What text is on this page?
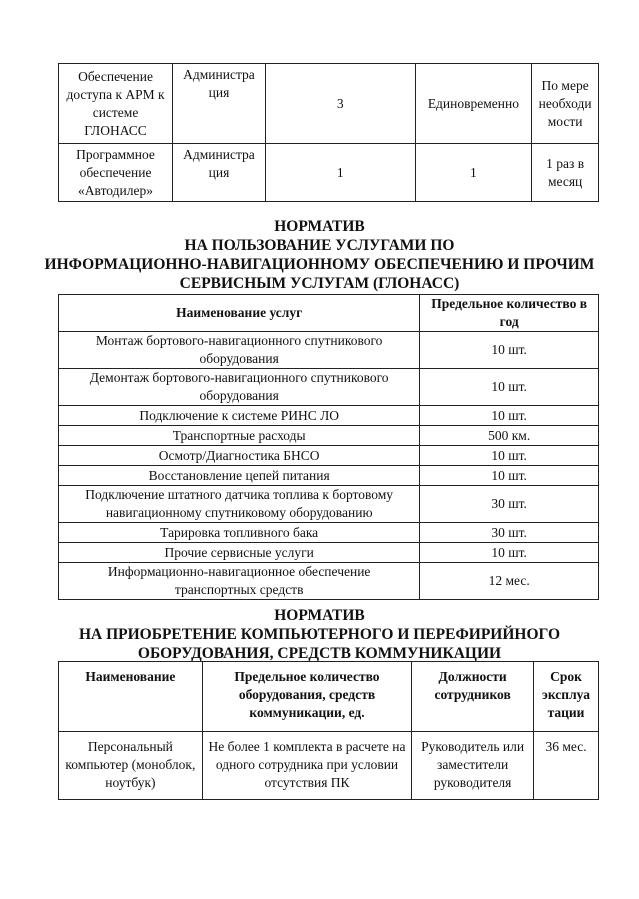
Обеспечение доступа к АРМ к системе ГЛОНАСС	Администра ция	3	Единовременно	По мере необходи мости
Программное обеспечение «Автодилер»	Администра ция	1	1	1 раз в месяц
НОРМАТИВ
НА ПОЛЬЗОВАНИЕ УСЛУГАМИ ПО
ИНФОРМАЦИОННО-НАВИГАЦИОННОМУ ОБЕСПЕЧЕНИЮ И ПРОЧИМ
СЕРВИСНЫМ УСЛУГАМ (ГЛОНАСС)
Наименование услуг	Предельное количество в год
Монтаж бортового-навигационного спутникового оборудования	10 шт.
Демонтаж бортового-навигационного спутникового оборудования	10 шт.
Подключение к системе РИНС ЛО	10 шт.
Транспортные расходы	500 км.
Осмотр/Диагностика БНСО	10 шт.
Восстановление цепей питания	10 шт.
Подключение штатного датчика топлива к бортовому навигационному спутниковому оборудованию	30 шт.
Тарировка топливного бака	30 шт.
Прочие сервисные услуги	10 шт.
Информационно-навигационное обеспечение транспортных средств	12 мес.
НОРМАТИВ
НА ПРИОБРЕТЕНИЕ КОМПЬЮТЕРНОГО И ПЕРЕФИРИЙНОГО
ОБОРУДОВАНИЯ, СРЕДСТВ КОММУНИКАЦИИ
Наименование	Предельное количество оборудования, средств коммуникации, ед.	Должности сотрудников	Срок эксплуа тации
Персональный компьютер (моноблок, ноутбук)	Не более 1 комплекта в расчете на одного сотрудника при условии отсутствия ПК	Руководитель или заместители руководителя	36 мес.
